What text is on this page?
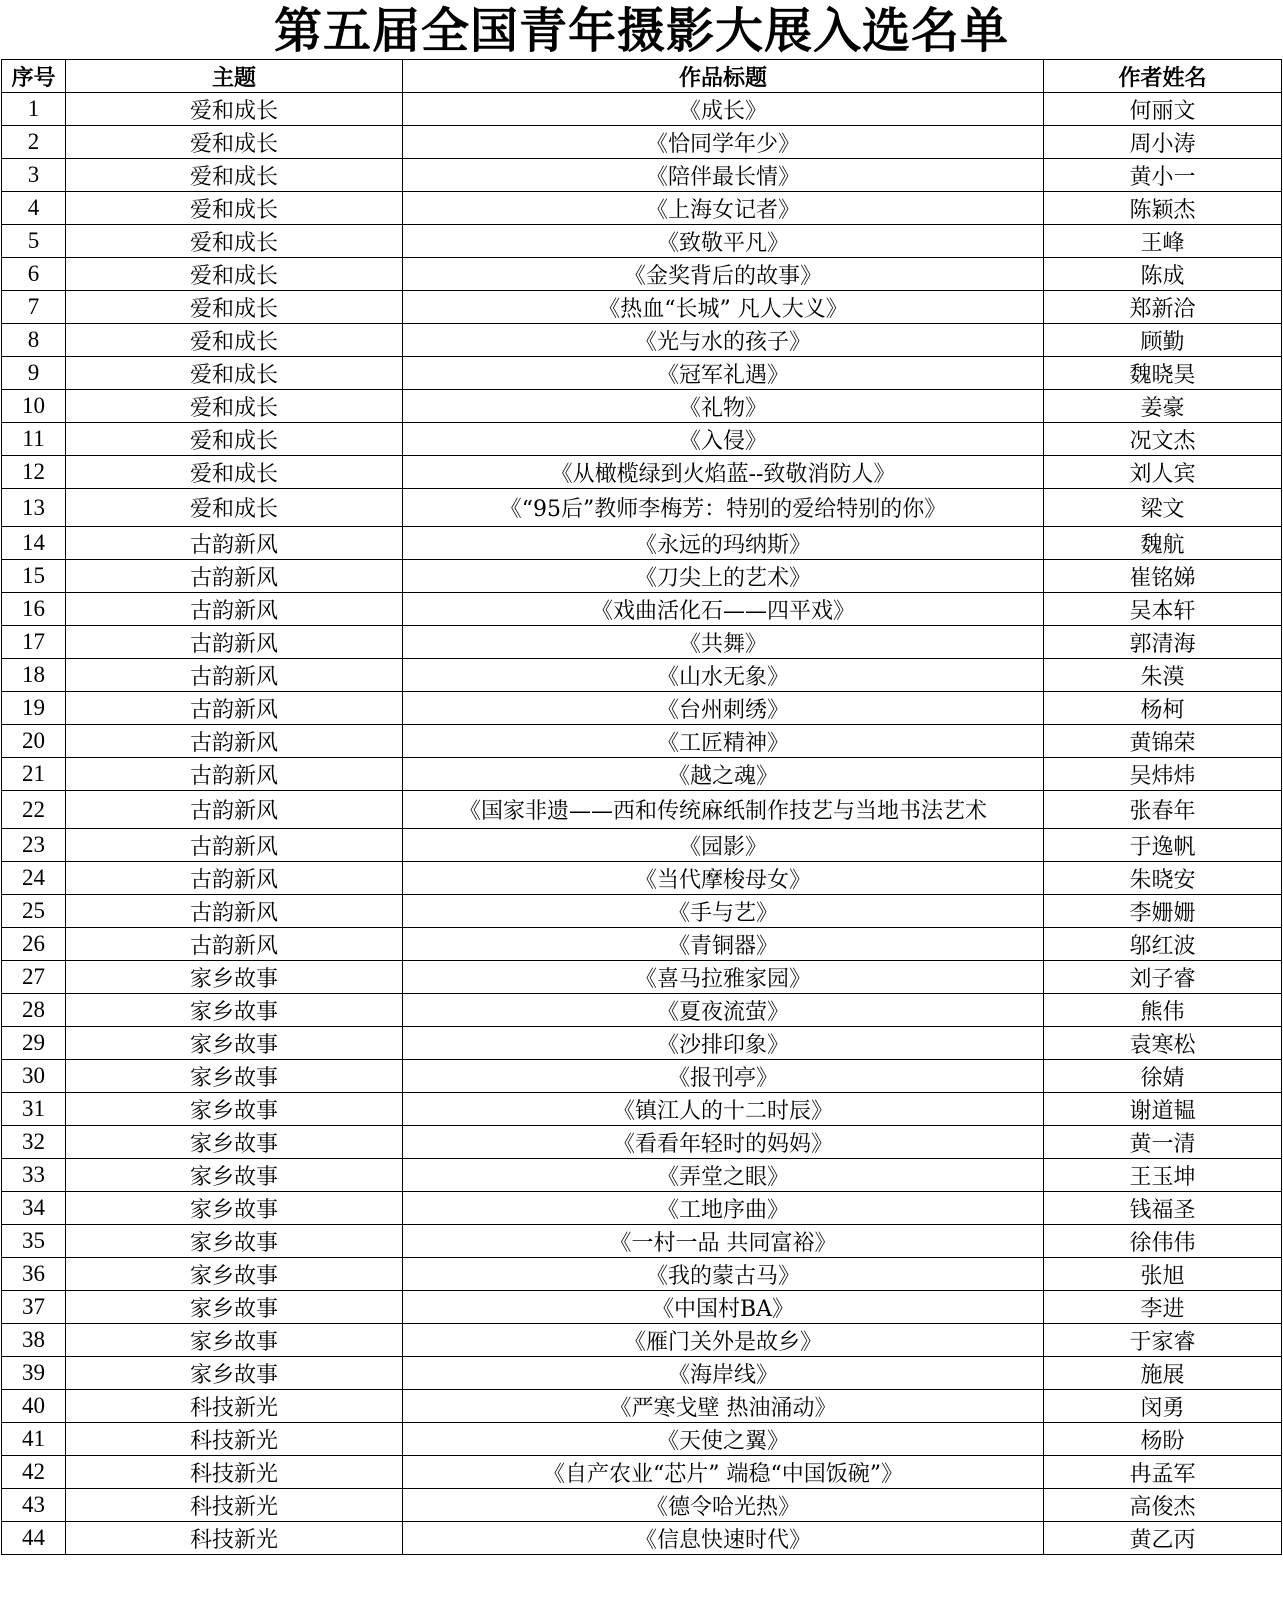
第五届全国青年摄影大展入选名单
序号	主题	作品标题	作者姓名
1	爱和成长	《成长》	何丽文
2	爱和成长	《恰同学年少》	周小涛
3	爱和成长	《陪伴最长情》	黄小一
4	爱和成长	《上海女记者》	陈颖杰
5	爱和成长	《致敬平凡》	王峰
6	爱和成长	《金奖背后的故事》	陈成
7	爱和成长	《热血“长城” 凡人大义》	郑新洽
8	爱和成长	《光与水的孩子》	顾勤
9	爱和成长	《冠军礼遇》	魏晓昊
10	爱和成长	《礼物》	姜豪
11	爱和成长	《入侵》	况文杰
12	爱和成长	《从橄榄绿到火焰蓝--致敬消防人》	刘人宾
13	爱和成长	《“95后”教师李梅芳：特别的爱给特别的你》	梁文
14	古韵新风	《永远的玛纳斯》	魏航
15	古韵新风	《刀尖上的艺术》	崔铭娣
16	古韵新风	《戏曲活化石——四平戏》	吴本轩
17	古韵新风	《共舞》	郭清海
18	古韵新风	《山水无象》	朱漠
19	古韵新风	《台州刺绣》	杨柯
20	古韵新风	《工匠精神》	黄锦荣
21	古韵新风	《越之魂》	吴炜炜
22	古韵新风	《国家非遗——西和传统麻纸制作技艺与当地书法艺术	张春年
23	古韵新风	《园影》	于逸帆
24	古韵新风	《当代摩梭母女》	朱晓安
25	古韵新风	《手与艺》	李姗姗
26	古韵新风	《青铜器》	邬红波
27	家乡故事	《喜马拉雅家园》	刘子睿
28	家乡故事	《夏夜流萤》	熊伟
29	家乡故事	《沙排印象》	袁寒松
30	家乡故事	《报刊亭》	徐婧
31	家乡故事	《镇江人的十二时辰》	谢道韫
32	家乡故事	《看看年轻时的妈妈》	黄一清
33	家乡故事	《弄堂之眼》	王玉坤
34	家乡故事	《工地序曲》	钱福圣
35	家乡故事	《一村一品 共同富裕》	徐伟伟
36	家乡故事	《我的蒙古马》	张旭
37	家乡故事	《中国村BA》	李进
38	家乡故事	《雁门关外是故乡》	于家睿
39	家乡故事	《海岸线》	施展
40	科技新光	《严寒戈壁 热油涌动》	闵勇
41	科技新光	《天使之翼》	杨盼
42	科技新光	《自产农业“芯片” 端稳“中国饭碗”》	冉孟军
43	科技新光	《德令哈光热》	高俊杰
44	科技新光	《信息快速时代》	黄乙丙
